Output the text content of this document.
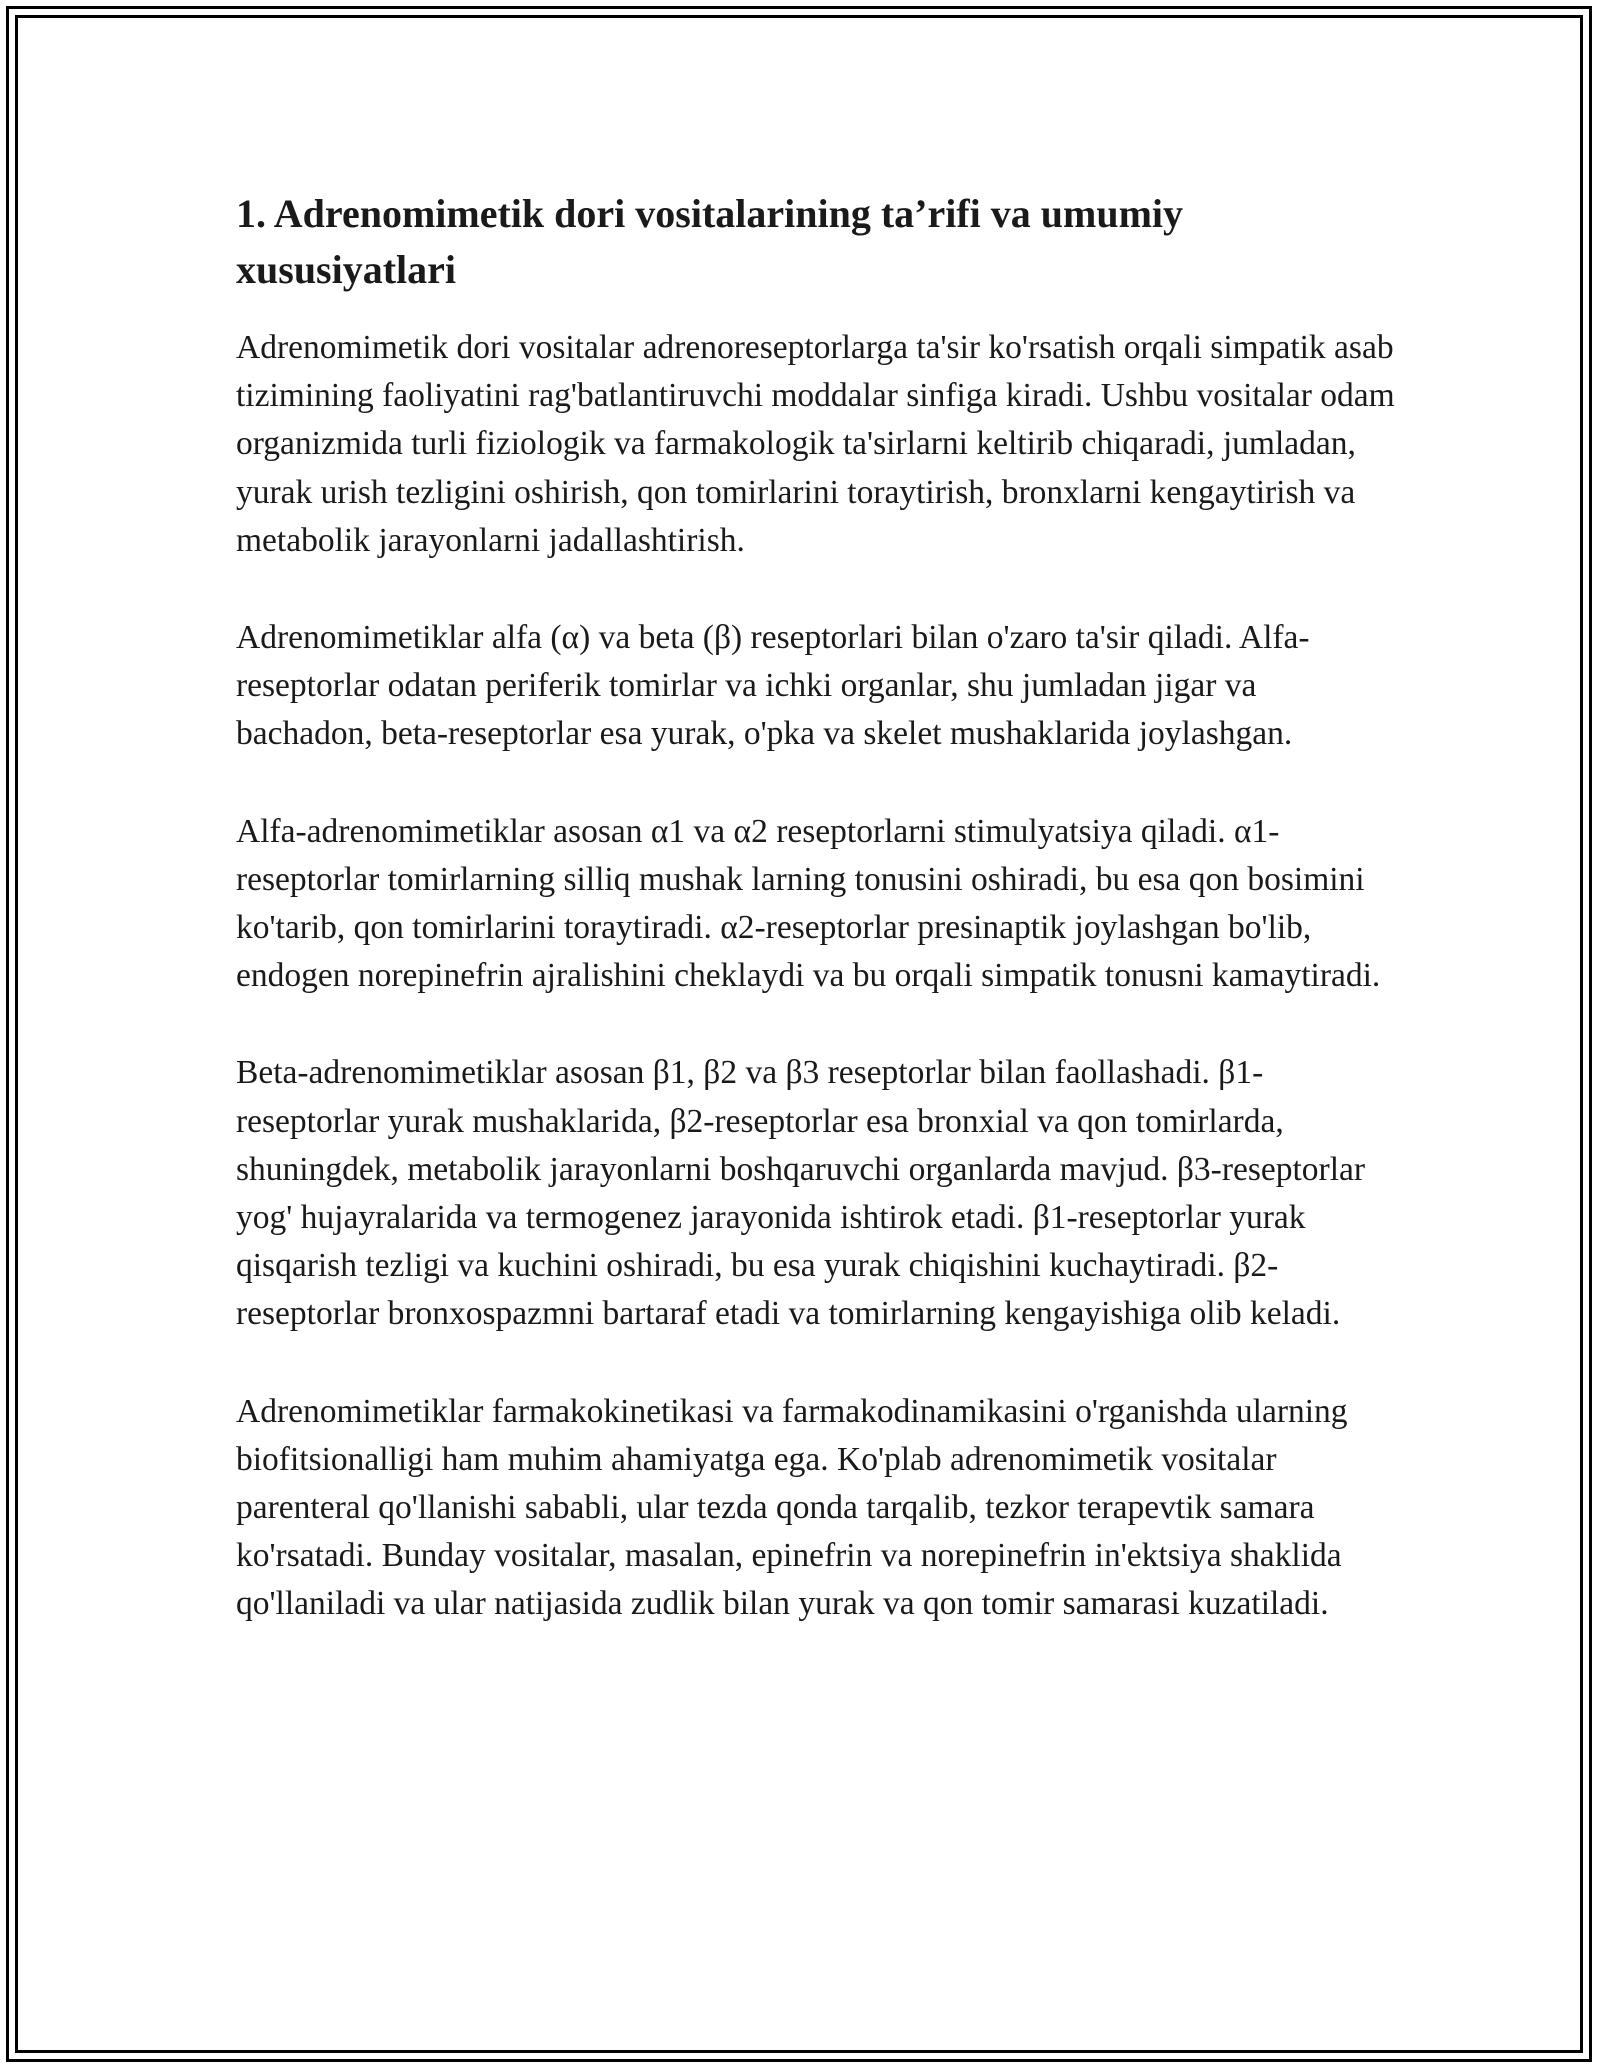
1. Adrenomimetik dori vositalarining ta’rifi va umumiy xususiyatlari

Adrenomimetik dori vositalar adrenoreseptorlarga ta'sir ko'rsatish orqali simpatik asab tizimining faoliyatini rag'batlantiruvchi moddalar sinfiga kiradi. Ushbu vositalar odam organizmida turli fiziologik va farmakologik ta'sirlarni keltirib chiqaradi, jumladan, yurak urish tezligini oshirish, qon tomirlarini toraytirish, bronxlarni kengaytirish va metabolik jarayonlarni jadallashtirish.

Adrenomimetiklar alfa (α) va beta (β) reseptorlari bilan o'zaro ta'sir qiladi. Alfa-reseptorlar odatan periferik tomirlar va ichki organlar, shu jumladan jigar va bachadon, beta-reseptorlar esa yurak, o'pka va skelet mushaklarida joylashgan.

Alfa-adrenomimetiklar asosan α1 va α2 reseptorlarni stimulyatsiya qiladi. α1-reseptorlar tomirlarning silliq mushak larning tonusini oshiradi, bu esa qon bosimini ko'tarib, qon tomirlarini toraytiradi. α2-reseptorlar presinaptik joylashgan bo'lib, endogen norepinefrin ajralishini cheklaydi va bu orqali simpatik tonusni kamaytiradi.

Beta-adrenomimetiklar asosan β1, β2 va β3 reseptorlar bilan faollashadi. β1-reseptorlar yurak mushaklarida, β2-reseptorlar esa bronxial va qon tomirlarda, shuningdek, metabolik jarayonlarni boshqaruvchi organlarda mavjud. β3-reseptorlar yog' hujayralarida va termogenez jarayonida ishtirok etadi. β1-reseptorlar yurak qisqarish tezligi va kuchini oshiradi, bu esa yurak chiqishini kuchaytiradi. β2-reseptorlar bronxospazmni bartaraf etadi va tomirlarning kengayishiga olib keladi.

Adrenomimetiklar farmakokinetikasi va farmakodinamikasini o'rganishda ularning biofitsionalligi ham muhim ahamiyatga ega. Ko'plab adrenomimetik vositalar parenteral qo'llanishi sababli, ular tezda qonda tarqalib, tezkor terapevtik samara ko'rsatadi. Bunday vositalar, masalan, epinefrin va norepinefrin in'ektsiya shaklida qo'llaniladi va ular natijasida zudlik bilan yurak va qon tomir samarasi kuzatiladi.
